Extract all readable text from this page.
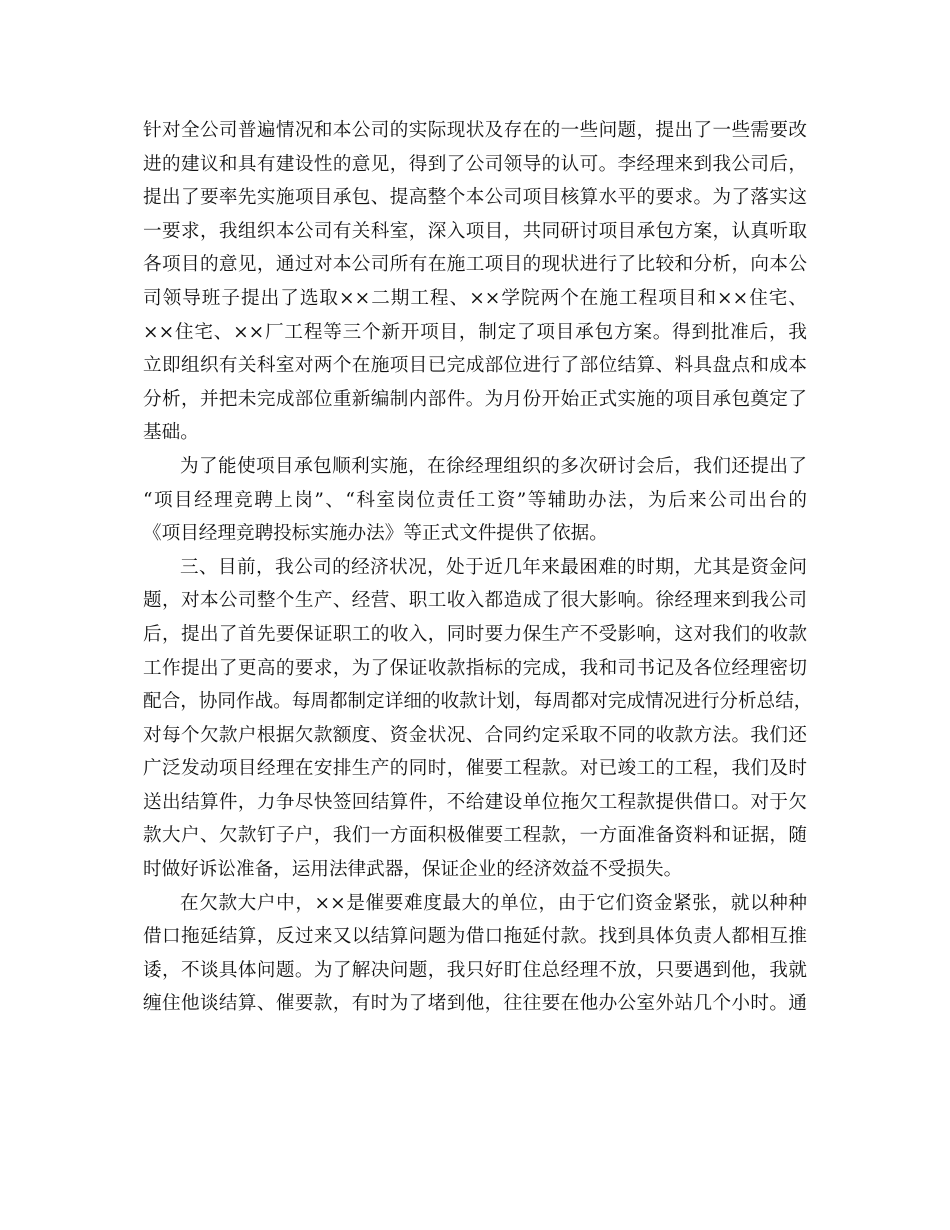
针对全公司普遍情况和本公司的实际现状及存在的一些问题，提出了一些需要改
进的建议和具有建设性的意见，得到了公司领导的认可。李经理来到我公司后，
提出了要率先实施项目承包、提高整个本公司项目核算水平的要求。为了落实这
一要求，我组织本公司有关科室，深入项目，共同研讨项目承包方案，认真听取
各项目的意见，通过对本公司所有在施工项目的现状进行了比较和分析，向本公
司领导班子提出了选取××二期工程、××学院两个在施工程项目和××住宅、
××住宅、××厂工程等三个新开项目，制定了项目承包方案。得到批准后，我
立即组织有关科室对两个在施项目已完成部位进行了部位结算、料具盘点和成本
分析，并把未完成部位重新编制内部件。为月份开始正式实施的项目承包奠定了
基础。
为了能使项目承包顺利实施，在徐经理组织的多次研讨会后，我们还提出了
“项目经理竞聘上岗”、“科室岗位责任工资”等辅助办法，为后来公司出台的
《项目经理竞聘投标实施办法》等正式文件提供了依据。
三、目前，我公司的经济状况，处于近几年来最困难的时期，尤其是资金问
题，对本公司整个生产、经营、职工收入都造成了很大影响。徐经理来到我公司
后，提出了首先要保证职工的收入，同时要力保生产不受影响，这对我们的收款
工作提出了更高的要求，为了保证收款指标的完成，我和司书记及各位经理密切
配合，协同作战。每周都制定详细的收款计划，每周都对完成情况进行分析总结，
对每个欠款户根据欠款额度、资金状况、合同约定采取不同的收款方法。我们还
广泛发动项目经理在安排生产的同时，催要工程款。对已竣工的工程，我们及时
送出结算件，力争尽快签回结算件，不给建设单位拖欠工程款提供借口。对于欠
款大户、欠款钉子户，我们一方面积极催要工程款，一方面准备资料和证据，随
时做好诉讼准备，运用法律武器，保证企业的经济效益不受损失。
在欠款大户中，××是催要难度最大的单位，由于它们资金紧张，就以种种
借口拖延结算，反过来又以结算问题为借口拖延付款。找到具体负责人都相互推
诿，不谈具体问题。为了解决问题，我只好盯住总经理不放，只要遇到他，我就
缠住他谈结算、催要款，有时为了堵到他，往往要在他办公室外站几个小时。通
